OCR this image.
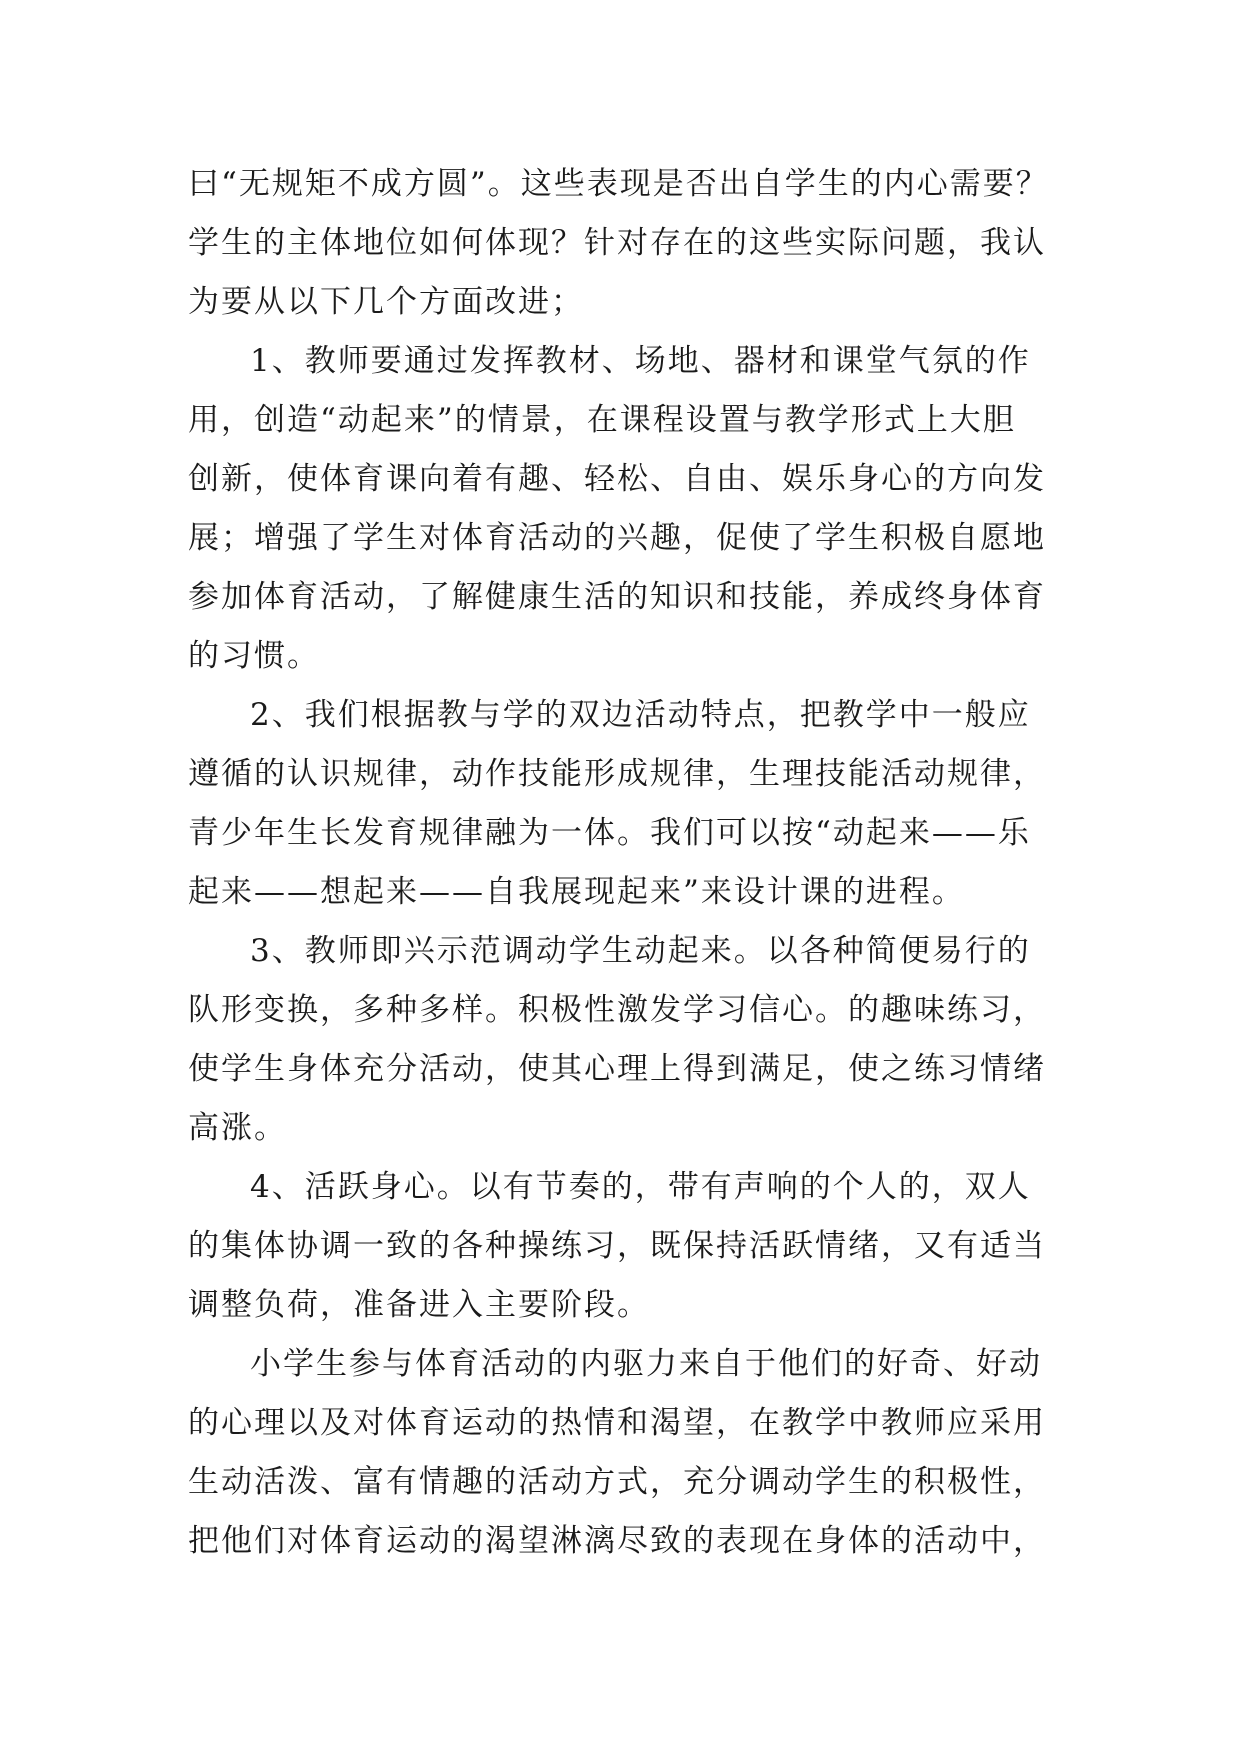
曰“无规矩不成方圆”。这些表现是否出自学生的内心需要？
学生的主体地位如何体现？针对存在的这些实际问题，我认
为要从以下几个方面改进；
1、教师要通过发挥教材、场地、器材和课堂气氛的作
用，创造“动起来”的情景，在课程设置与教学形式上大胆
创新，使体育课向着有趣、轻松、自由、娱乐身心的方向发
展；增强了学生对体育活动的兴趣，促使了学生积极自愿地
参加体育活动，了解健康生活的知识和技能，养成终身体育
的习惯。
2、我们根据教与学的双边活动特点，把教学中一般应
遵循的认识规律，动作技能形成规律，生理技能活动规律，
青少年生长发育规律融为一体。我们可以按“动起来——乐
起来——想起来——自我展现起来”来设计课的进程。
3、教师即兴示范调动学生动起来。以各种简便易行的
队形变换，多种多样。积极性激发学习信心。的趣味练习，
使学生身体充分活动，使其心理上得到满足，使之练习情绪
高涨。
4、活跃身心。以有节奏的，带有声响的个人的，双人
的集体协调一致的各种操练习，既保持活跃情绪，又有适当
调整负荷，准备进入主要阶段。
小学生参与体育活动的内驱力来自于他们的好奇、好动
的心理以及对体育运动的热情和渴望，在教学中教师应采用
生动活泼、富有情趣的活动方式，充分调动学生的积极性，
把他们对体育运动的渴望淋漓尽致的表现在身体的活动中，
